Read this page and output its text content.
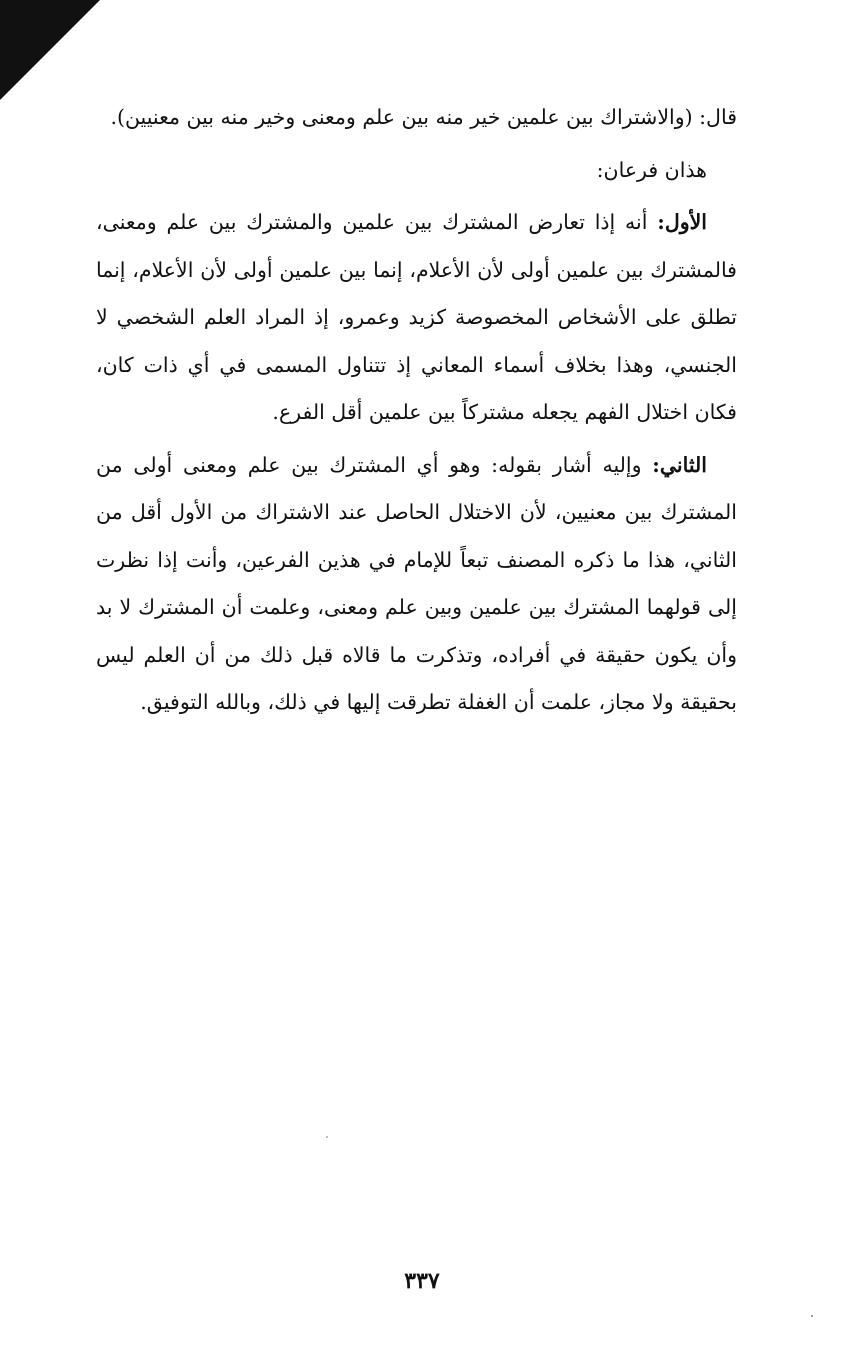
قال: (والاشتراك بين علمين خير منه بين علم ومعنى وخير منه بين معنيين).

هذان فرعان:

الأول: أنه إذا تعارض المشترك بين علمين والمشترك بين علم ومعنى، فالمشترك بين علمين أولى لأن الأعلام، إنما بين علمين أولى لأن الأعلام، إنما تطلق على الأشخاص المخصوصة كزيد وعمرو، إذ المراد العلم الشخصي لا الجنسي، وهذا بخلاف أسماء المعاني إذ تتناول المسمى في أي ذات كان، فكان اختلال الفهم يجعله مشتركاً بين علمين أقل الفرع.

الثاني: وإليه أشار بقوله: وهو أي المشترك بين علم ومعنى أولى من المشترك بين معنيين، لأن الاختلال الحاصل عند الاشتراك من الأول أقل من الثاني، هذا ما ذكره المصنف تبعاً للإمام في هذين الفرعين، وأنت إذا نظرت إلى قولهما المشترك بين علمين وبين علم ومعنى، وعلمت أن المشترك لا بد وأن يكون حقيقة في أفراده، وتذكرت ما قالاه قبل ذلك من أن العلم ليس بحقيقة ولا مجاز، علمت أن الغفلة تطرقت إليها في ذلك، وبالله التوفيق.

٣٣٧
